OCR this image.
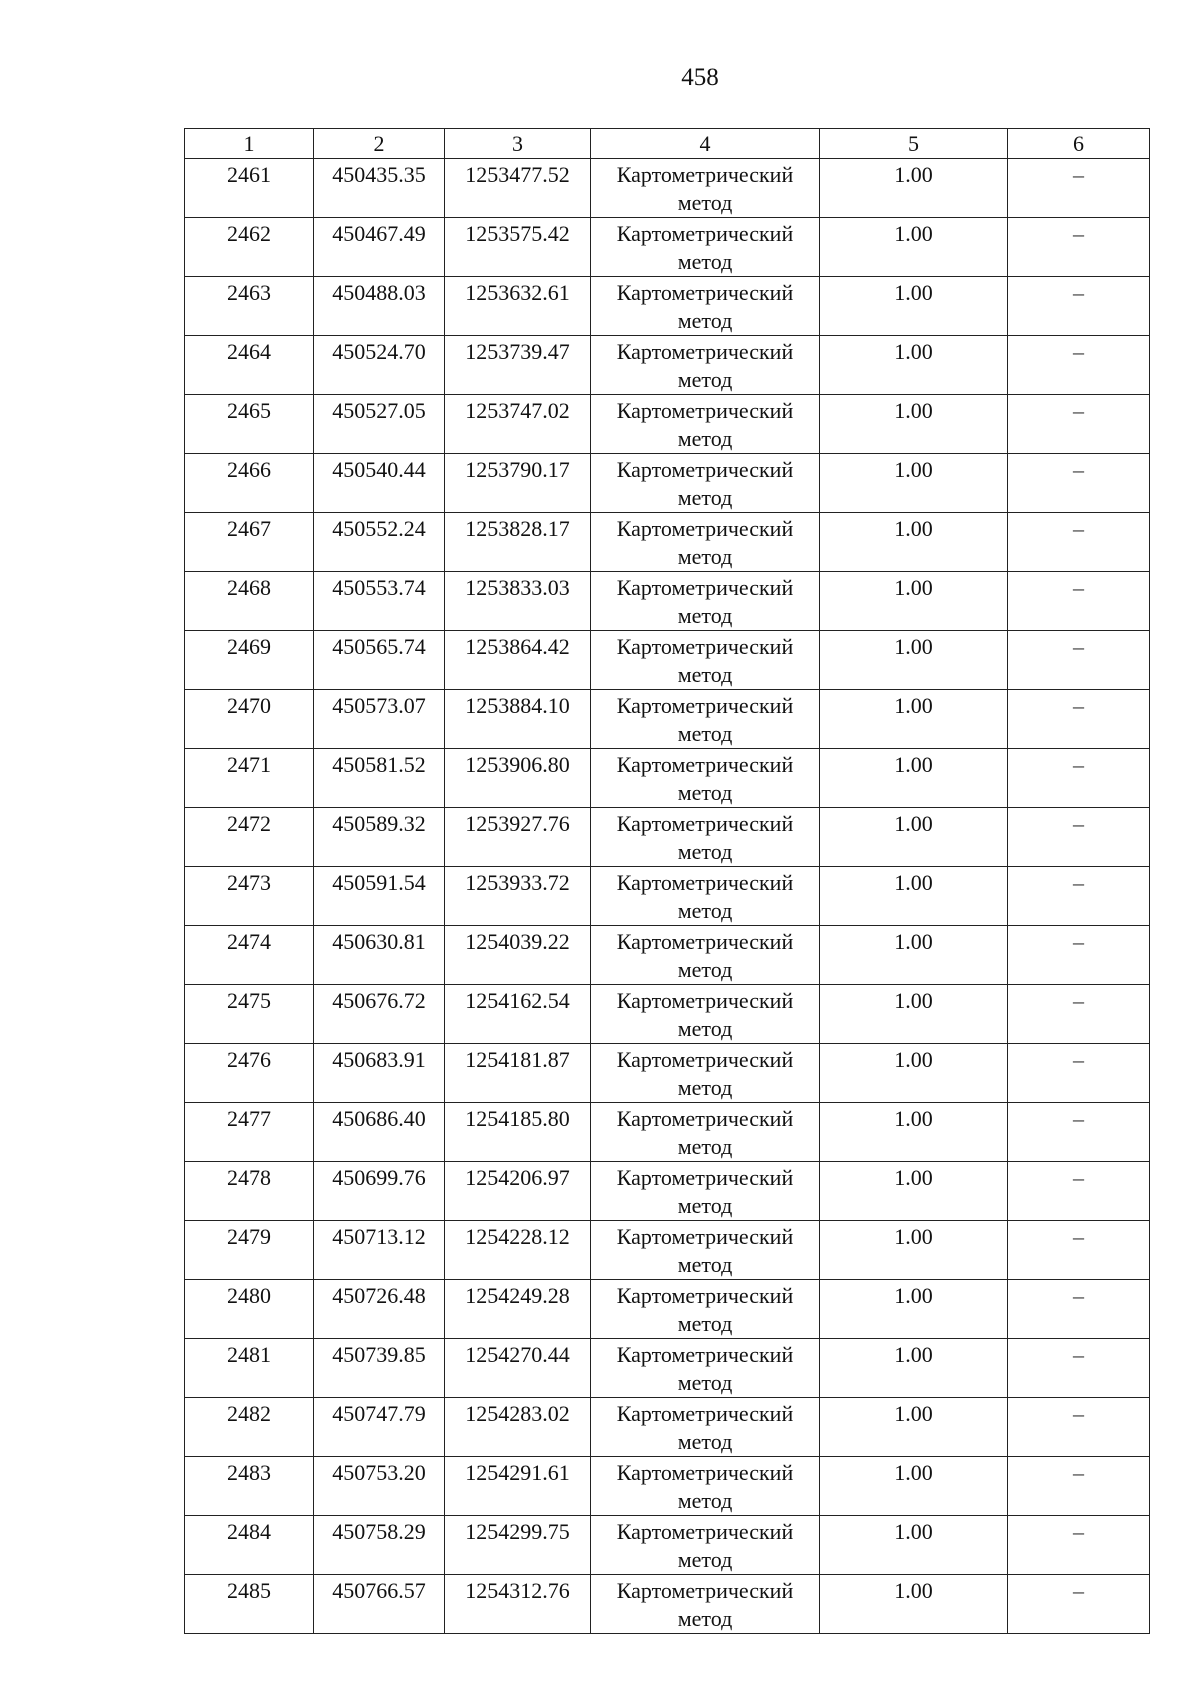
458
1	2	3	4	5	6
2461	450435.35	1253477.52	Картометрический метод	1.00	–
2462	450467.49	1253575.42	Картометрический метод	1.00	–
2463	450488.03	1253632.61	Картометрический метод	1.00	–
2464	450524.70	1253739.47	Картометрический метод	1.00	–
2465	450527.05	1253747.02	Картометрический метод	1.00	–
2466	450540.44	1253790.17	Картометрический метод	1.00	–
2467	450552.24	1253828.17	Картометрический метод	1.00	–
2468	450553.74	1253833.03	Картометрический метод	1.00	–
2469	450565.74	1253864.42	Картометрический метод	1.00	–
2470	450573.07	1253884.10	Картометрический метод	1.00	–
2471	450581.52	1253906.80	Картометрический метод	1.00	–
2472	450589.32	1253927.76	Картометрический метод	1.00	–
2473	450591.54	1253933.72	Картометрический метод	1.00	–
2474	450630.81	1254039.22	Картометрический метод	1.00	–
2475	450676.72	1254162.54	Картометрический метод	1.00	–
2476	450683.91	1254181.87	Картометрический метод	1.00	–
2477	450686.40	1254185.80	Картометрический метод	1.00	–
2478	450699.76	1254206.97	Картометрический метод	1.00	–
2479	450713.12	1254228.12	Картометрический метод	1.00	–
2480	450726.48	1254249.28	Картометрический метод	1.00	–
2481	450739.85	1254270.44	Картометрический метод	1.00	–
2482	450747.79	1254283.02	Картометрический метод	1.00	–
2483	450753.20	1254291.61	Картометрический метод	1.00	–
2484	450758.29	1254299.75	Картометрический метод	1.00	–
2485	450766.57	1254312.76	Картометрический метод	1.00	–
